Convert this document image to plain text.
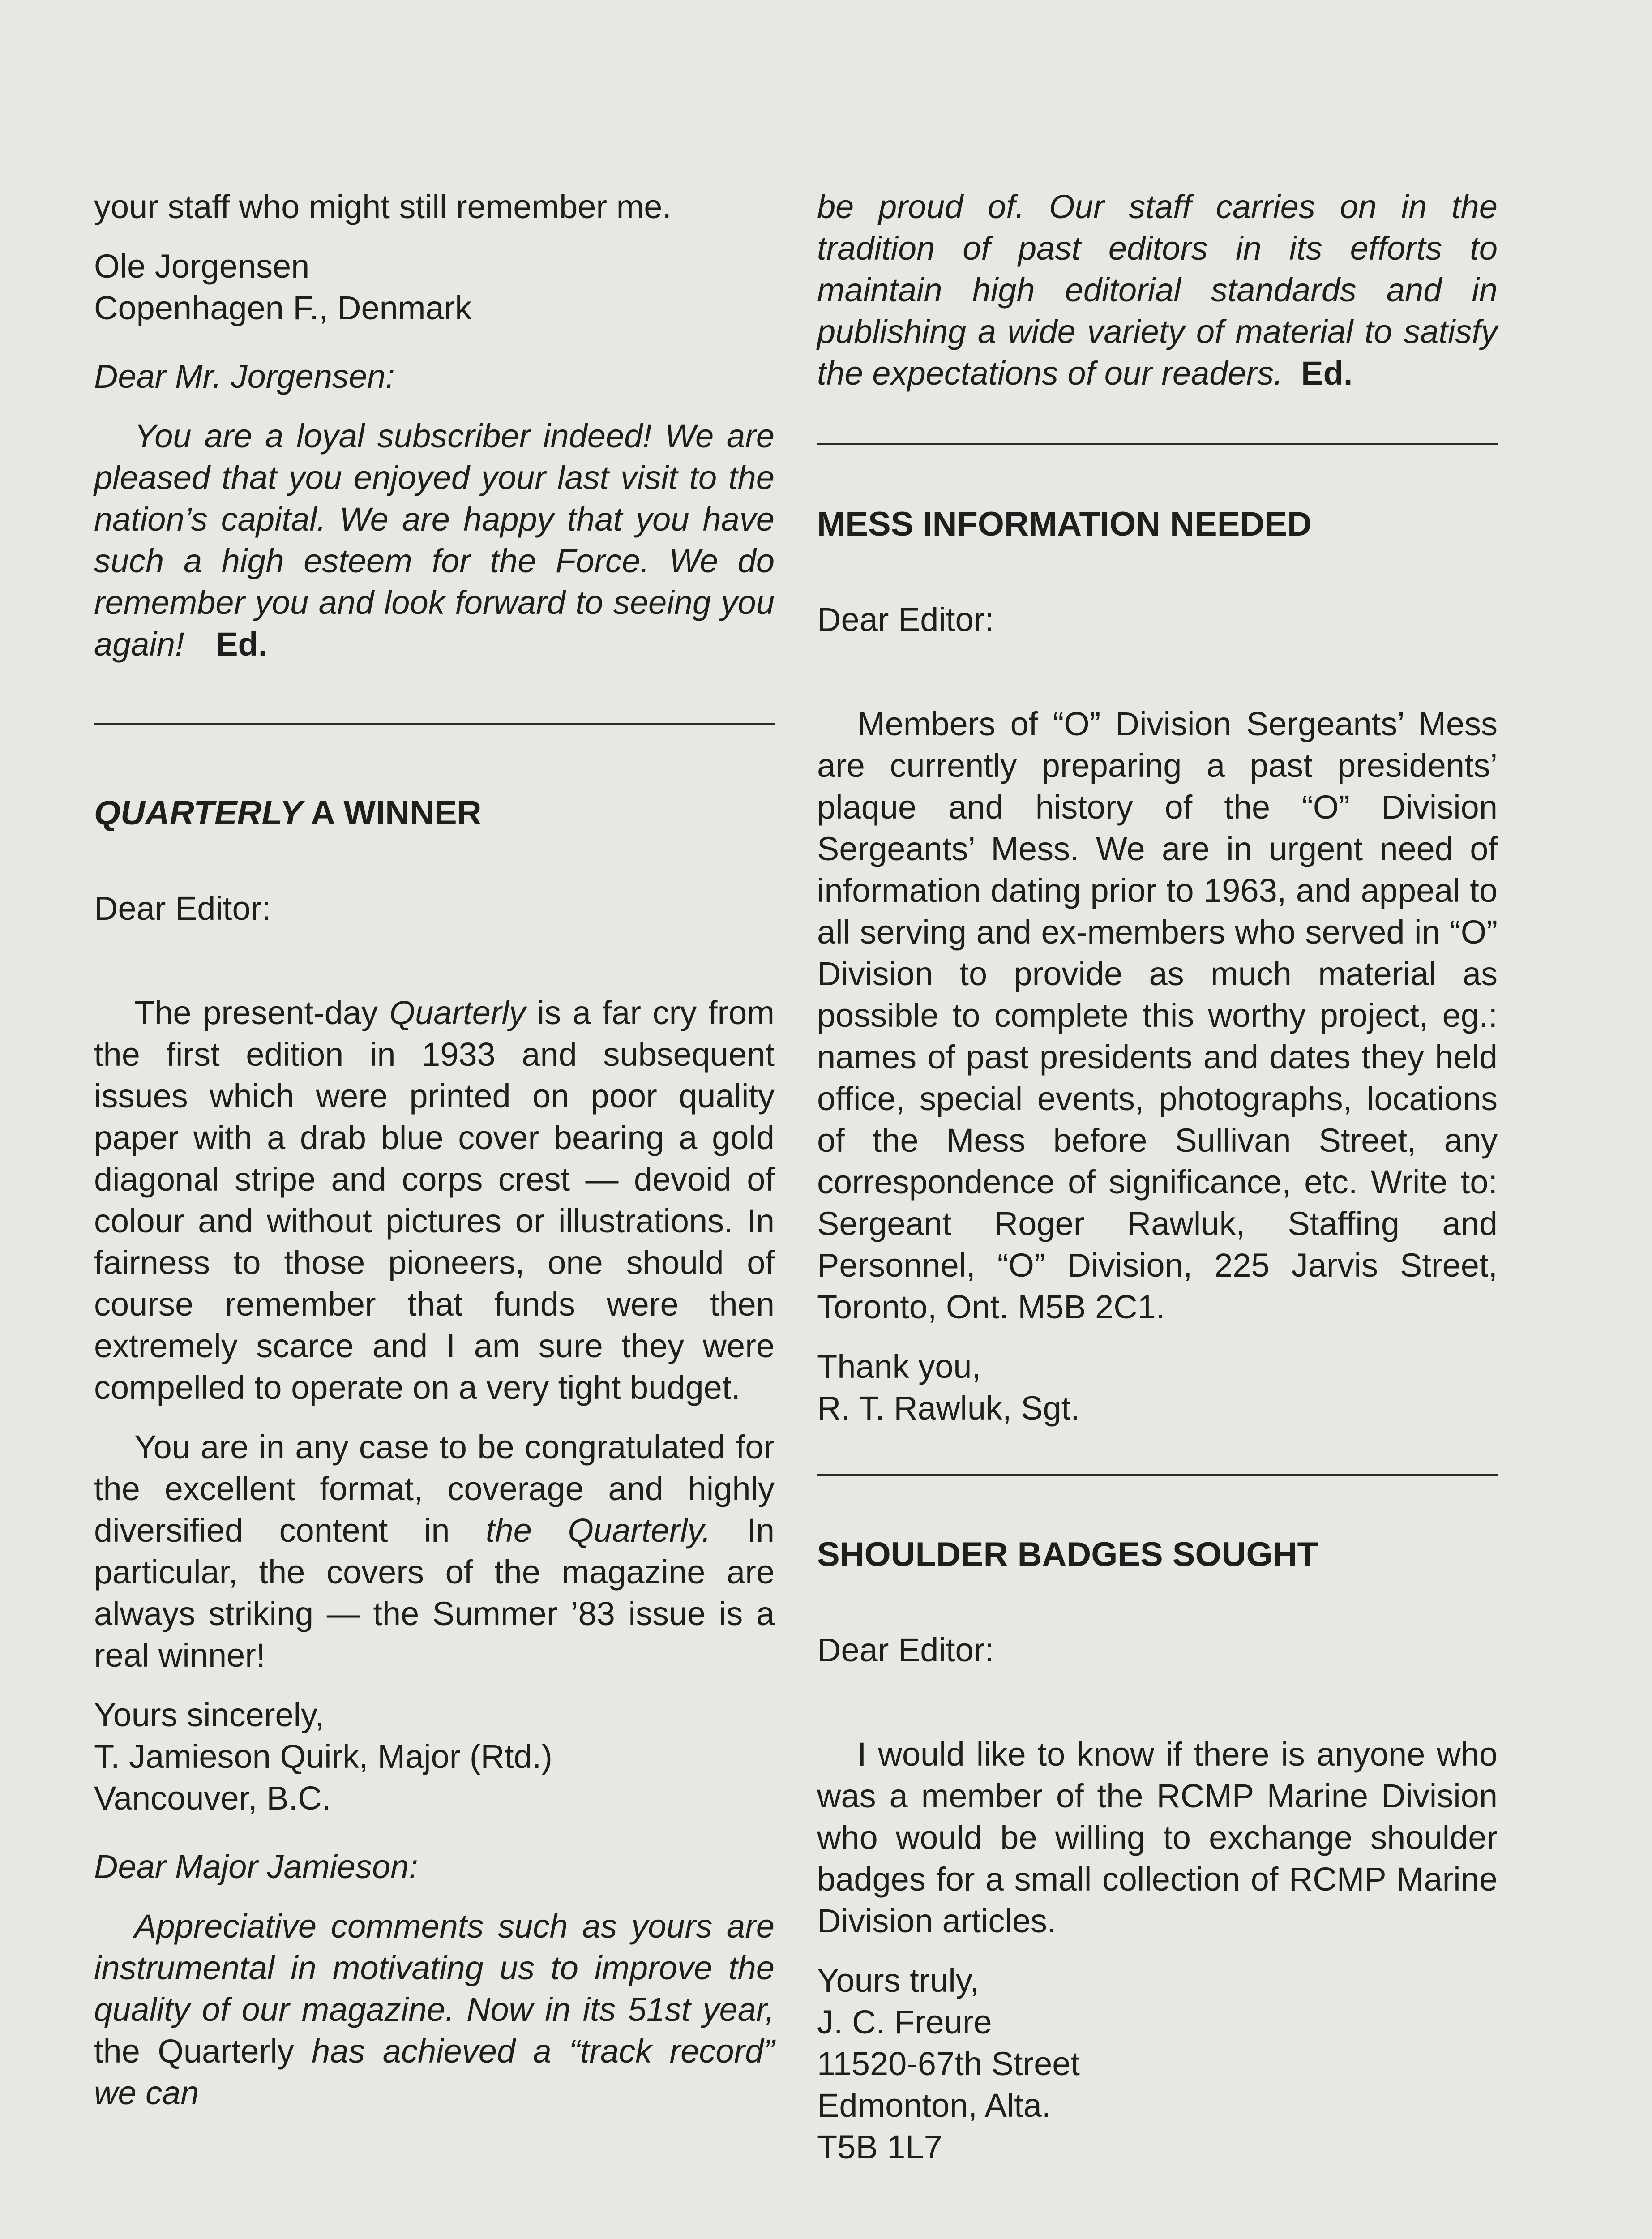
your staff who might still remember me.

Ole Jorgensen
Copenhagen F., Denmark

Dear Mr. Jorgensen:

You are a loyal subscriber indeed! We are pleased that you enjoyed your last visit to the nation’s capital. We are happy that you have such a high esteem for the Force. We do remember you and look forward to seeing you again! Ed.

QUARTERLY A WINNER

Dear Editor:

The present-day Quarterly is a far cry from the first edition in 1933 and subsequent issues which were printed on poor quality paper with a drab blue cover bearing a gold diagonal stripe and corps crest — devoid of colour and without pictures or illustrations. In fairness to those pioneers, one should of course remember that funds were then extremely scarce and I am sure they were compelled to operate on a very tight budget.

You are in any case to be congratulated for the excellent format, coverage and highly diversified content in the Quarterly. In particular, the covers of the magazine are always striking — the Summer ’83 issue is a real winner!

Yours sincerely,
T. Jamieson Quirk, Major (Rtd.)
Vancouver, B.C.

Dear Major Jamieson:

Appreciative comments such as yours are instrumental in motivating us to improve the quality of our magazine. Now in its 51st year, the Quarterly has achieved a “track record” we can

be proud of. Our staff carries on in the tradition of past editors in its efforts to maintain high editorial standards and in publishing a wide variety of material to satisfy the expectations of our readers. Ed.

MESS INFORMATION NEEDED

Dear Editor:

Members of “O” Division Sergeants’ Mess are currently preparing a past presidents’ plaque and history of the “O” Division Sergeants’ Mess. We are in urgent need of information dating prior to 1963, and appeal to all serving and ex-members who served in “O” Division to provide as much material as possible to complete this worthy project, eg.: names of past presidents and dates they held office, special events, photographs, locations of the Mess before Sullivan Street, any correspondence of significance, etc. Write to: Sergeant Roger Rawluk, Staffing and Personnel, “O” Division, 225 Jarvis Street, Toronto, Ont. M5B 2C1.

Thank you,
R. T. Rawluk, Sgt.

SHOULDER BADGES SOUGHT

Dear Editor:

I would like to know if there is anyone who was a member of the RCMP Marine Division who would be willing to exchange shoulder badges for a small collection of RCMP Marine Division articles.

Yours truly,
J. C. Freure
11520-67th Street
Edmonton, Alta.
T5B 1L7
